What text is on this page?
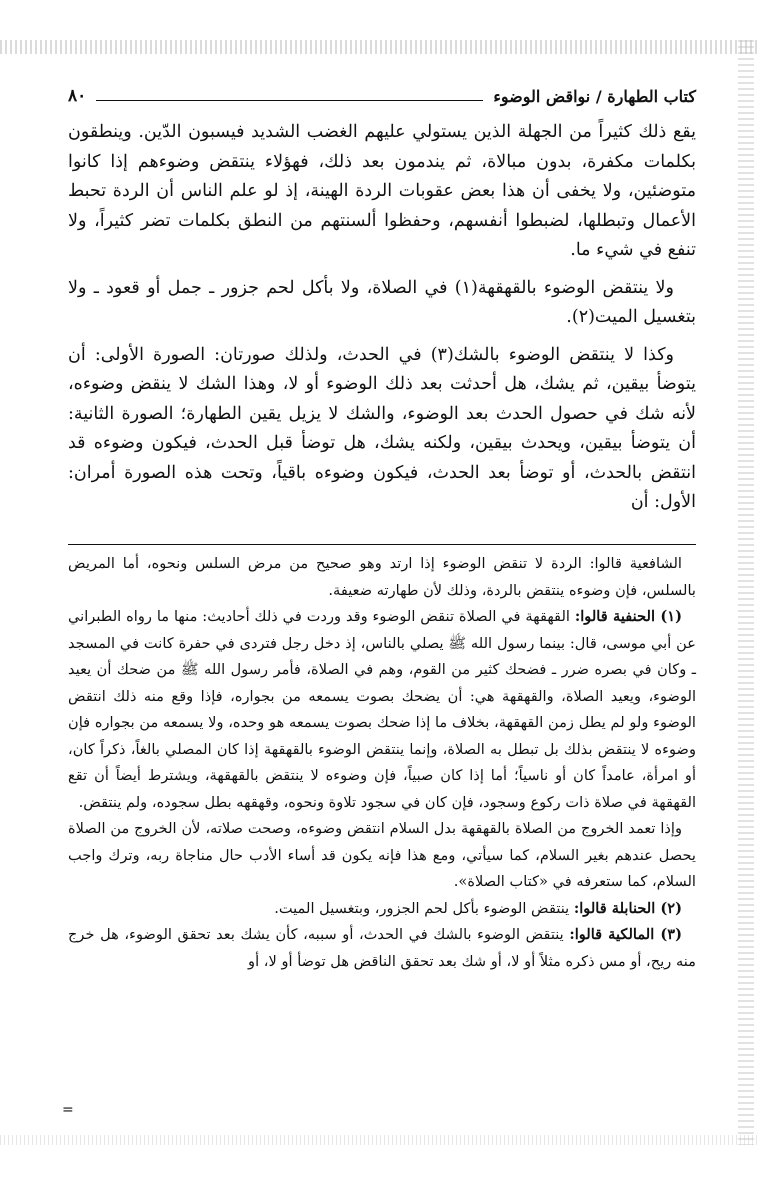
كتاب الطهارة / نواقض الوضوء
٨٠

يقع ذلك كثيراً من الجهلة الذين يستولي عليهم الغضب الشديد فيسبون الدّين. وينطقون بكلمات مكفرة، بدون مبالاة، ثم يندمون بعد ذلك، فهؤلاء ينتقض وضوءهم إذا كانوا متوضئين، ولا يخفى أن هذا بعض عقوبات الردة الهينة، إذ لو علم الناس أن الردة تحبط الأعمال وتبطلها، لضبطوا أنفسهم، وحفظوا ألسنتهم من النطق بكلمات تضر كثيراً، ولا تنفع في شيء ما.

ولا ينتقض الوضوء بالقهقهة(١) في الصلاة، ولا بأكل لحم جزور ـ جمل أو قعود ـ ولا بتغسيل الميت(٢).

وكذا لا ينتقض الوضوء بالشك(٣) في الحدث، ولذلك صورتان: الصورة الأولى: أن يتوضأ بيقين، ثم يشك، هل أحدثت بعد ذلك الوضوء أو لا، وهذا الشك لا ينقض وضوءه، لأنه شك في حصول الحدث بعد الوضوء، والشك لا يزيل يقين الطهارة؛ الصورة الثانية: أن يتوضأ بيقين، ويحدث بيقين، ولكنه يشك، هل توضأ قبل الحدث، فيكون وضوءه قد انتقض بالحدث، أو توضأ بعد الحدث، فيكون وضوءه باقياً، وتحت هذه الصورة أمران: الأول: أن

الشافعية قالوا: الردة لا تنقض الوضوء إذا ارتد وهو صحيح من مرض السلس ونحوه، أما المريض بالسلس، فإن وضوءه ينتقض بالردة، وذلك لأن طهارته ضعيفة.

(١) الحنفية قالوا: القهقهة في الصلاة تنقض الوضوء وقد وردت في ذلك أحاديث: منها ما رواه الطبراني عن أبي موسى، قال: بينما رسول الله ﷺ يصلي بالناس، إذ دخل رجل فتردى في حفرة كانت في المسجد ـ وكان في بصره ضرر ـ فضحك كثير من القوم، وهم في الصلاة، فأمر رسول الله ﷺ من ضحك أن يعيد الوضوء، ويعيد الصلاة، والقهقهة هي: أن يضحك بصوت يسمعه من بجواره، فإذا وقع منه ذلك انتقض الوضوء ولو لم يطل زمن القهقهة، بخلاف ما إذا ضحك بصوت يسمعه هو وحده، ولا يسمعه من بجواره فإن وضوءه لا ينتقض بذلك بل تبطل به الصلاة، وإنما ينتقض الوضوء بالقهقهة إذا كان المصلي بالغاً، ذكراً كان، أو امرأة، عامداً كان أو ناسياً؛ أما إذا كان صبياً، فإن وضوءه لا ينتقض بالقهقهة، ويشترط أيضاً أن تقع القهقهة في صلاة ذات ركوع وسجود، فإن كان في سجود تلاوة ونحوه، وقهقهه بطل سجوده، ولم ينتقض.

وإذا تعمد الخروج من الصلاة بالقهقهة بدل السلام انتقض وضوءه، وصحت صلاته، لأن الخروج من الصلاة يحصل عندهم بغير السلام، كما سيأتي، ومع هذا فإنه يكون قد أساء الأدب حال مناجاة ربه، وترك واجب السلام، كما ستعرفه في «كتاب الصلاة».

(٢) الحنابلة قالوا: ينتقض الوضوء بأكل لحم الجزور، وبتغسيل الميت.

(٣) المالكية قالوا: ينتقض الوضوء بالشك في الحدث، أو سببه، كأن يشك بعد تحقق الوضوء، هل خرج منه ريح، أو مس ذكره مثلاً أو لا، أو شك بعد تحقق الناقض هل توضأ أو لا، أو

=
